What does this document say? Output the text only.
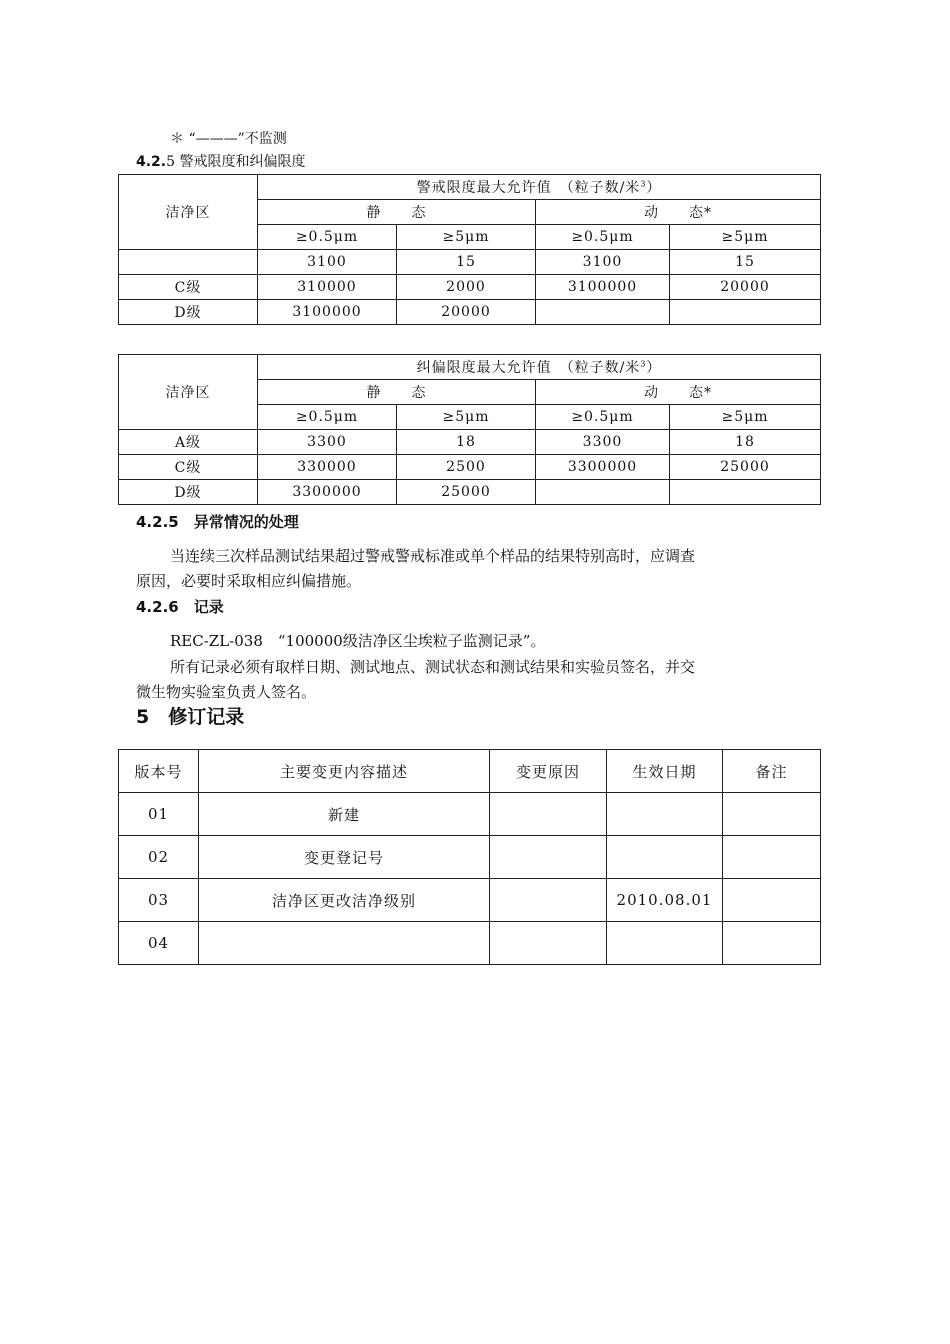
＊ “———”不监测
4.2.5 警戒限度和纠偏限度
洁净区	警戒限度最大允许值　（粒子数/米$^3$）			
	静　　态		动　　态*	
	≥0.5μm	≥5μm	≥0.5μm	≥5μm
	3100	15	3100	15
C级	310000	2000	3100000	20000
D级	3100000	20000		
洁净区	纠偏限度最大允许值　（粒子数/米$^3$）			
	静　　态		动　　态*	
	≥0.5μm	≥5μm	≥0.5μm	≥5μm
A级	3300	18	3300	18
C级	330000	2500	3300000	25000
D级	3300000	25000		
4.2.5　异常情况的处理
当连续三次样品测试结果超过警戒警戒标准或单个样品的结果特别高时，应调查
原因，必要时采取相应纠偏措施。
4.2.6　记录
REC-ZL-038　“100000级洁净区尘埃粒子监测记录”。
所有记录必须有取样日期、测试地点、测试状态和测试结果和实验员签名，并交
微生物实验室负责人签名。
5　修订记录
版本号	主要变更内容描述	变更原因	生效日期	备注
01	新建			
02	变更登记号			
03	洁净区更改洁净级别		2010.08.01	
04				
